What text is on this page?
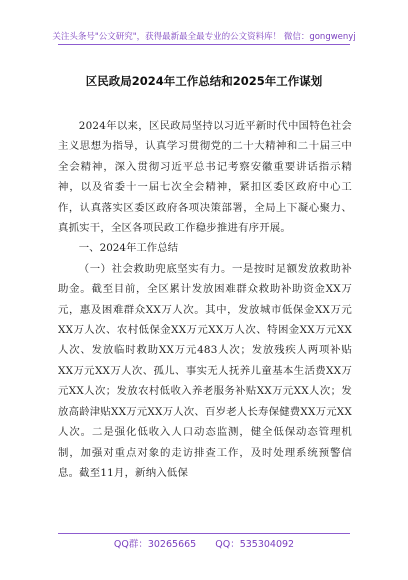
关注头条号"公文研究"，获得最新最全最专业的公文资料库！ 微信：gongwenyj
区民政局2024年工作总结和2025年工作谋划

2024年以来，区民政局坚持以习近平新时代中国特色社会主义思想为指导，认真学习贯彻党的二十大精神和二十届三中全会精神，深入贯彻习近平总书记考察安徽重要讲话指示精神，以及省委十一届七次全会精神，紧扣区委区政府中心工作，认真落实区委区政府各项决策部署，全局上下凝心聚力、真抓实干，全区各项民政工作稳步推进有序开展。

一、2024年工作总结

（一）社会救助兜底坚实有力。一是按时足额发放救助补助金。截至目前，全区累计发放困难群众救助补助资金XX万元，惠及困难群众XX万人次。其中，发放城市低保金XX万元XX万人次、农村低保金XX万元XX万人次、特困金XX万元XX人次、发放临时救助XX万元483人次；发放残疾人两项补贴XX万元XX万人次、孤儿、事实无人抚养儿童基本生活费XX万元XX人次；发放农村低收入养老服务补贴XX万元XX人次；发放高龄津贴XX万元XX万人次、百岁老人长寿保健费XX万元XX人次。二是强化低收入人口动态监测，健全低保动态管理机制，加强对重点对象的走访排查工作，及时处理系统预警信息。截至11月，新纳入低保

QQ群：30265665 QQ：535304092
